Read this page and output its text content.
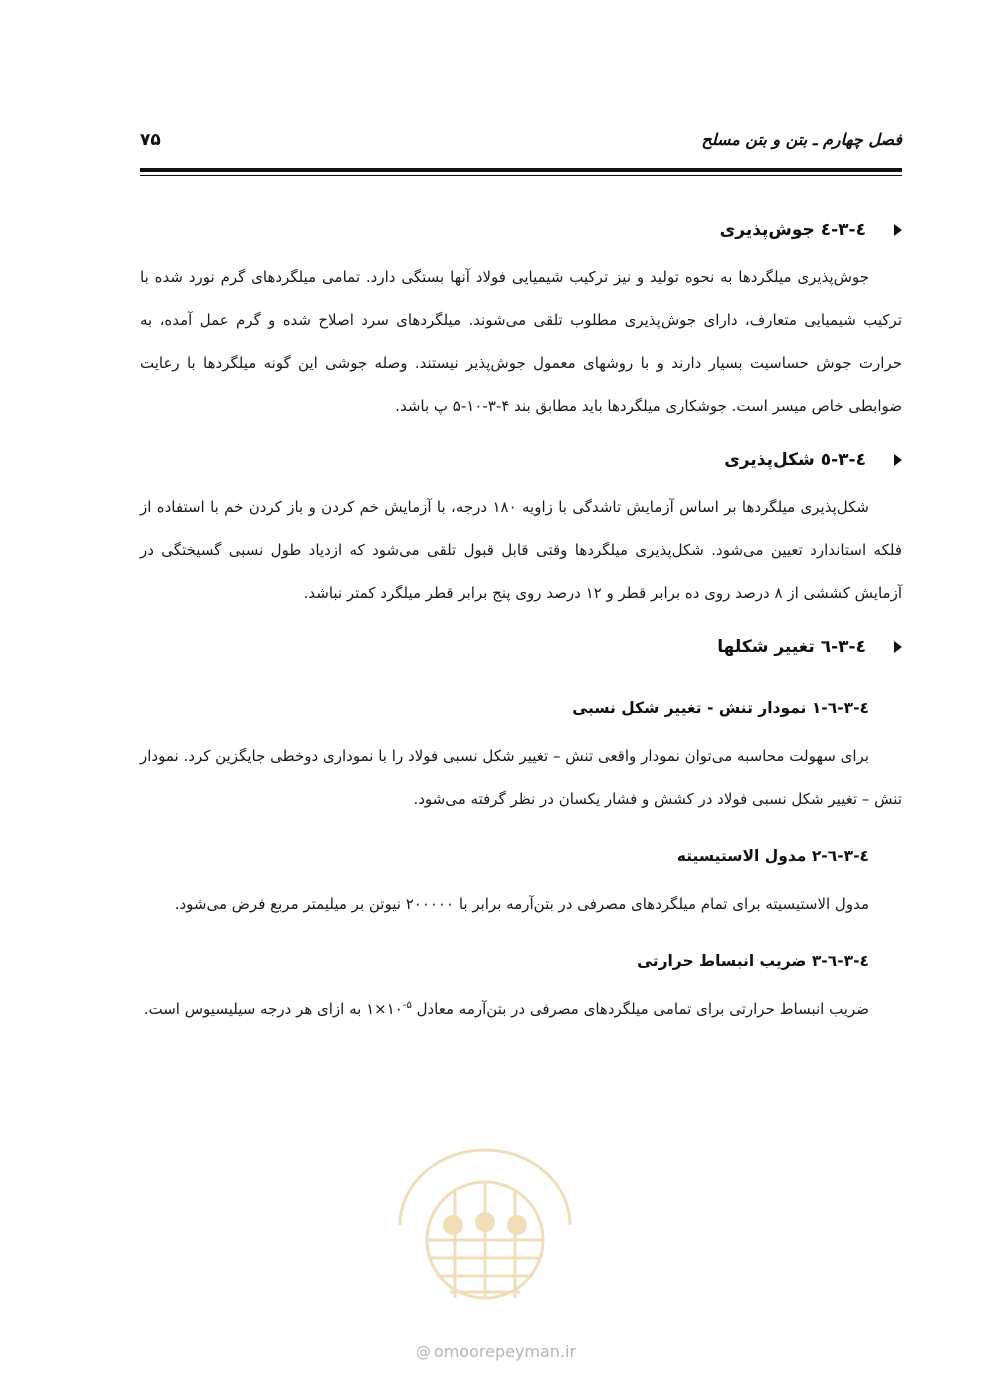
فصل چهارم ـ بتن و بتن مسلح
۷۵
٤-٣-٤ جوش‌پذیری

جوش‌پذیری میلگردها به نحوه تولید و نیز ترکیب شیمیایی فولاد آنها بستگی دارد. تمامی میلگردهای گرم نورد شده با ترکیب شیمیایی متعارف، دارای جوش‌پذیری مطلوب تلقی می‌شوند. میلگردهای سرد اصلاح شده و گرم عمل آمده، به حرارت جوش حساسیت بسیار دارند و با روشهای معمول جوش‌پذیر نیستند. وصله جوشی این گونه میلگردها با رعایت ضوابطی خاص میسر است. جوشکاری میلگردها باید مطابق بند ۴-۳-۱۰-۵ پ باشد.

٤-٣-٥ شکل‌پذیری

شکل‌پذیری میلگردها بر اساس آزمایش تاشدگی با زاویه ۱۸۰ درجه، با آزمایش خم کردن و باز کردن خم با استفاده از فلکه استاندارد تعیین می‌شود. شکل‌پذیری میلگردها وقتی قابل قبول تلقی می‌شود که ازدیاد طول نسبی گسیختگی در آزمایش کششی از ۸ درصد روی ده برابر قطر و ۱۲ درصد روی پنج برابر قطر میلگرد کمتر نباشد.

٤-٣-٦ تغییر شکلها
٤-٣-٦-١ نمودار تنش - تغییر شکل نسبی

برای سهولت محاسبه می‌توان نمودار واقعی تنش – تغییر شکل نسبی فولاد را با نموداری دوخطی جایگزین کرد. نمودار تنش – تغییر شکل نسبی فولاد در کشش و فشار یکسان در نظر گرفته می‌شود.

٤-٣-٦-٢ مدول الاستیسیته

مدول الاستیسیته برای تمام میلگردهای مصرفی در بتن‌آرمه برابر با ۲۰۰۰۰۰ نیوتن بر میلیمتر مربع فرض می‌شود.

٤-٣-٦-٣ ضریب انبساط حرارتی

ضریب انبساط حرارتی برای تمامی میلگردهای مصرفی در بتن‌آرمه معادل $۱\times ۱۰^{-۵}$ به ازای هر درجه سیلیسیوس است.

@ omoorepeyman.ir
